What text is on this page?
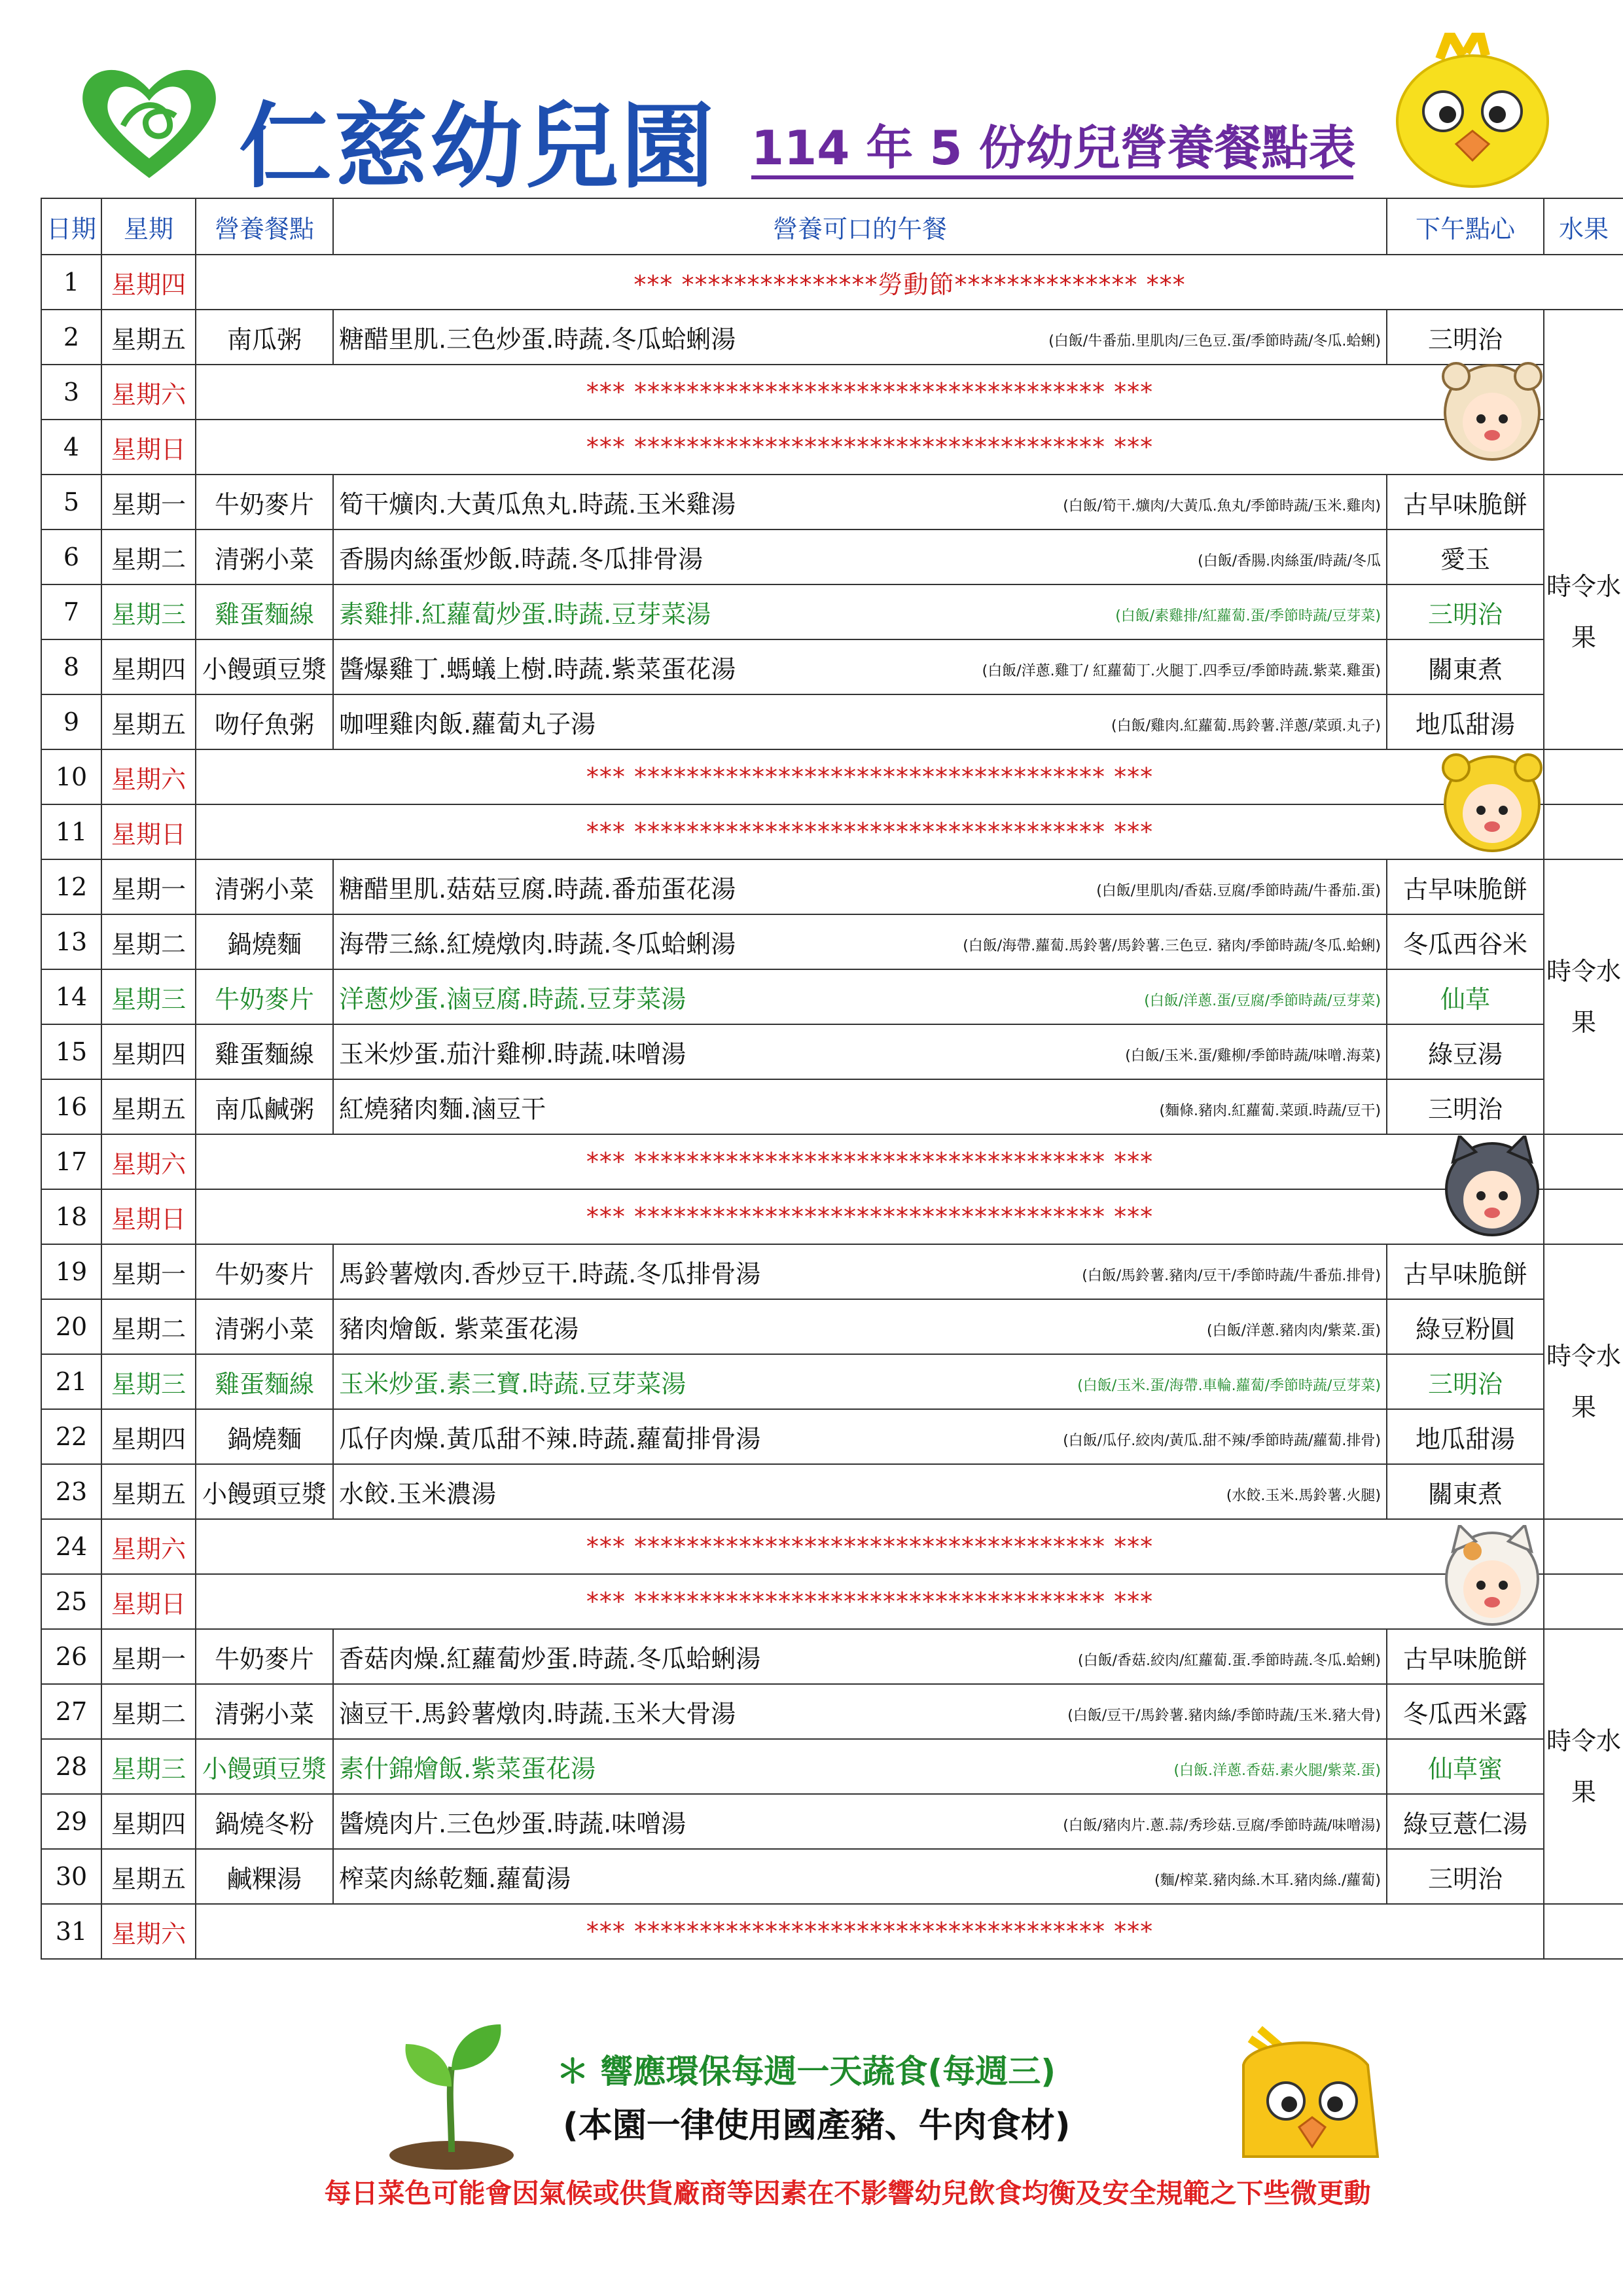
仁慈幼兒園 114 年 5 份幼兒營養餐點表
日期	星期	營養餐點	營養可口的午餐	下午點心	水果
1	星期四	*** ***************勞動節************** ***			
2	星期五	南瓜粥	糖醋里肌.三色炒蛋.時蔬.冬瓜蛤蜊湯 (白飯/牛番茄.里肌肉/三色豆.蛋/季節時蔬/冬瓜.蛤蜊)	三明治	
3	星期六	*** ************************************ ***			
4	星期日	*** ************************************ ***			
5	星期一	牛奶麥片	筍干爌肉.大黃瓜魚丸.時蔬.玉米雞湯 (白飯/筍干.爌肉/大黃瓜.魚丸/季節時蔬/玉米.雞肉)	古早味脆餅	時令水果
6	星期二	清粥小菜	香腸肉絲蛋炒飯.時蔬.冬瓜排骨湯 (白飯/香腸.肉絲蛋/時蔬/冬瓜	愛玉	
7	星期三	雞蛋麵線	素雞排.紅蘿蔔炒蛋.時蔬.豆芽菜湯 (白飯/素雞排/紅蘿蔔.蛋/季節時蔬/豆芽菜)	三明治	
8	星期四	小饅頭豆漿	醬爆雞丁.螞蟻上樹.時蔬.紫菜蛋花湯 (白飯/洋蔥.雞丁/ 紅蘿蔔丁.火腿丁.四季豆/季節時蔬.紫菜.雞蛋)	關東煮	
9	星期五	吻仔魚粥	咖哩雞肉飯.蘿蔔丸子湯 (白飯/雞肉.紅蘿蔔.馬鈴薯.洋蔥/菜頭.丸子)	地瓜甜湯	
10	星期六	*** ************************************ ***			
11	星期日	*** ************************************ ***			
12	星期一	清粥小菜	糖醋里肌.菇菇豆腐.時蔬.番茄蛋花湯 (白飯/里肌肉/香菇.豆腐/季節時蔬/牛番茄.蛋)	古早味脆餅	時令水果
13	星期二	鍋燒麵	海帶三絲.紅燒燉肉.時蔬.冬瓜蛤蜊湯 (白飯/海帶.蘿蔔.馬鈴薯/馬鈴薯.三色豆. 豬肉/季節時蔬/冬瓜.蛤蜊)	冬瓜西谷米	
14	星期三	牛奶麥片	洋蔥炒蛋.滷豆腐.時蔬.豆芽菜湯 (白飯/洋蔥.蛋/豆腐/季節時蔬/豆芽菜)	仙草	
15	星期四	雞蛋麵線	玉米炒蛋.茄汁雞柳.時蔬.味噌湯 (白飯/玉米.蛋/雞柳/季節時蔬/味噌.海菜)	綠豆湯	
16	星期五	南瓜鹹粥	紅燒豬肉麵.滷豆干 (麵條.豬肉.紅蘿蔔.菜頭.時蔬/豆干)	三明治	
17	星期六	*** ************************************ ***			
18	星期日	*** ************************************ ***			
19	星期一	牛奶麥片	馬鈴薯燉肉.香炒豆干.時蔬.冬瓜排骨湯 (白飯/馬鈴薯.豬肉/豆干/季節時蔬/牛番茄.排骨)	古早味脆餅	時令水果
20	星期二	清粥小菜	豬肉燴飯. 紫菜蛋花湯 (白飯/洋蔥.豬肉肉/紫菜.蛋)	綠豆粉圓	
21	星期三	雞蛋麵線	玉米炒蛋.素三寶.時蔬.豆芽菜湯 (白飯/玉米.蛋/海帶.車輪.蘿蔔/季節時蔬/豆芽菜)	三明治	
22	星期四	鍋燒麵	瓜仔肉燥.黃瓜甜不辣.時蔬.蘿蔔排骨湯 (白飯/瓜仔.絞肉/黃瓜.甜不辣/季節時蔬/蘿蔔.排骨)	地瓜甜湯	
23	星期五	小饅頭豆漿	水餃.玉米濃湯 (水餃.玉米.馬鈴薯.火腿)	關東煮	
24	星期六	*** ************************************ ***			
25	星期日	*** ************************************ ***			
26	星期一	牛奶麥片	香菇肉燥.紅蘿蔔炒蛋.時蔬.冬瓜蛤蜊湯 (白飯/香菇.絞肉/紅蘿蔔.蛋.季節時蔬.冬瓜.蛤蜊)	古早味脆餅	時令水果
27	星期二	清粥小菜	滷豆干.馬鈴薯燉肉.時蔬.玉米大骨湯 (白飯/豆干/馬鈴薯.豬肉絲/季節時蔬/玉米.豬大骨)	冬瓜西米露	
28	星期三	小饅頭豆漿	素什錦燴飯.紫菜蛋花湯 (白飯.洋蔥.香菇.素火腿/紫菜.蛋)	仙草蜜	
29	星期四	鍋燒冬粉	醬燒肉片.三色炒蛋.時蔬.味噌湯 (白飯/豬肉片.蔥.蒜/秀珍菇.豆腐/季節時蔬/味噌湯)	綠豆薏仁湯	
30	星期五	鹹粿湯	榨菜肉絲乾麵.蘿蔔湯 (麵/榨菜.豬肉絲.木耳.豬肉絲./蘿蔔)	三明治	
31	星期六	*** ************************************ ***			
＊ 響應環保每週一天蔬食(每週三)
(本園一律使用國產豬、牛肉食材)
每日菜色可能會因氣候或供貨廠商等因素在不影響幼兒飲食均衡及安全規範之下些微更動
